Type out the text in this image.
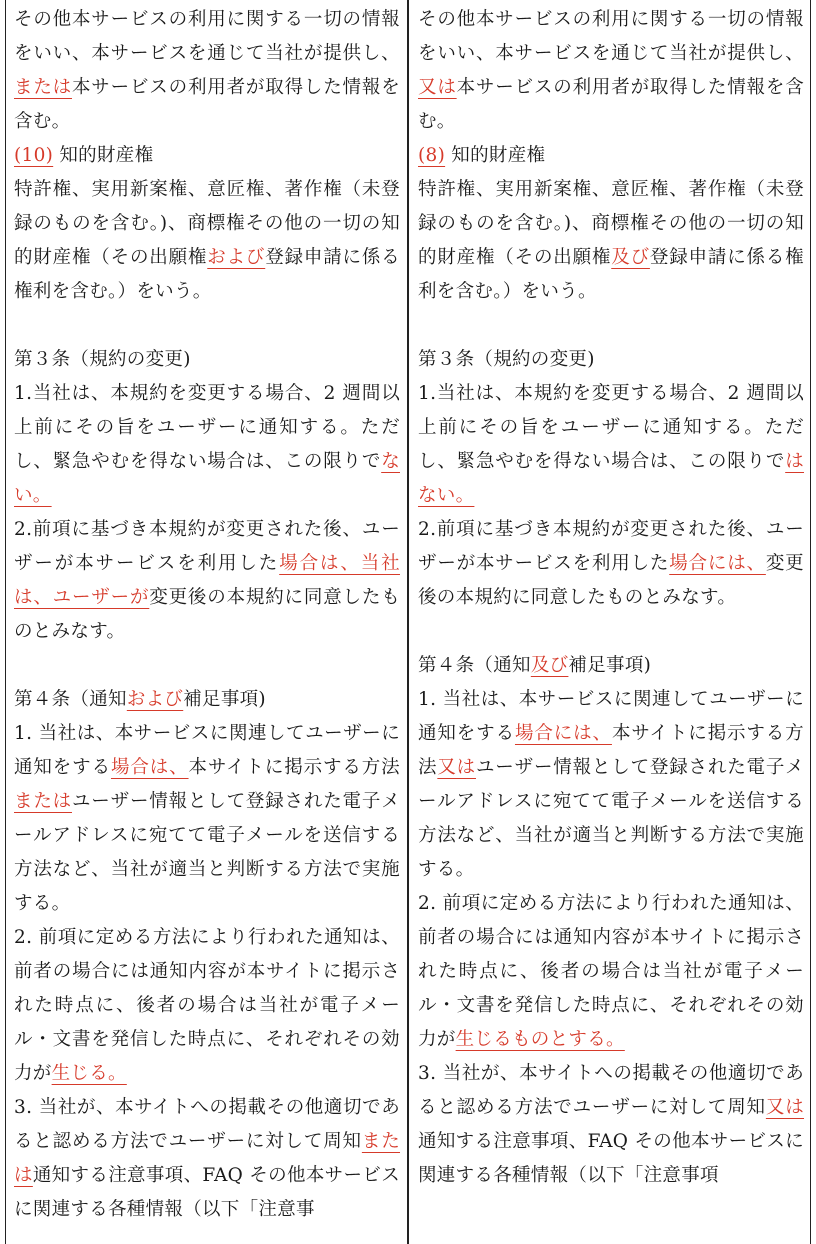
その他本サービスの利用に関する一切の情報をいい、本サービスを通じて当社が提供し、または本サービスの利用者が取得した情報を含む。

(10) 知的財産権

特許権、実用新案権、意匠権、著作権（未登録のものを含む。)、商標権その他の一切の知的財産権（その出願権および登録申請に係る権利を含む。）をいう。

第３条（規約の変更)

1.当社は、本規約を変更する場合、2 週間以上前にその旨をユーザーに通知する。ただし、緊急やむを得ない場合は、この限りでない。

2.前項に基づき本規約が変更された後、ユーザーが本サービスを利用した場合は、当社は、ユーザーが変更後の本規約に同意したものとみなす。

第４条（通知および補足事項)

1. 当社は、本サービスに関連してユーザーに通知をする場合は、本サイトに掲示する方法またはユーザー情報として登録された電子メールアドレスに宛てて電子メールを送信する方法など、当社が適当と判断する方法で実施する。

2. 前項に定める方法により行われた通知は、前者の場合には通知内容が本サイトに掲示された時点に、後者の場合は当社が電子メール・文書を発信した時点に、それぞれその効力が生じる。

3. 当社が、本サイトへの掲載その他適切であると認める方法でユーザーに対して周知または通知する注意事項、FAQ その他本サービスに関連する各種情報（以下「注意事

その他本サービスの利用に関する一切の情報をいい、本サービスを通じて当社が提供し、又は本サービスの利用者が取得した情報を含む。

(8) 知的財産権

特許権、実用新案権、意匠権、著作権（未登録のものを含む。)、商標権その他の一切の知的財産権（その出願権及び登録申請に係る権利を含む。）をいう。

第３条（規約の変更)

1.当社は、本規約を変更する場合、2 週間以上前にその旨をユーザーに通知する。ただし、緊急やむを得ない場合は、この限りではない。

2.前項に基づき本規約が変更された後、ユーザーが本サービスを利用した場合には、変更後の本規約に同意したものとみなす。

第４条（通知及び補足事項)

1. 当社は、本サービスに関連してユーザーに通知をする場合には、本サイトに掲示する方法又はユーザー情報として登録された電子メールアドレスに宛てて電子メールを送信する方法など、当社が適当と判断する方法で実施する。

2. 前項に定める方法により行われた通知は、前者の場合には通知内容が本サイトに掲示された時点に、後者の場合は当社が電子メール・文書を発信した時点に、それぞれその効力が生じるものとする。

3. 当社が、本サイトへの掲載その他適切であると認める方法でユーザーに対して周知又は通知する注意事項、FAQ その他本サービスに関連する各種情報（以下「注意事項
